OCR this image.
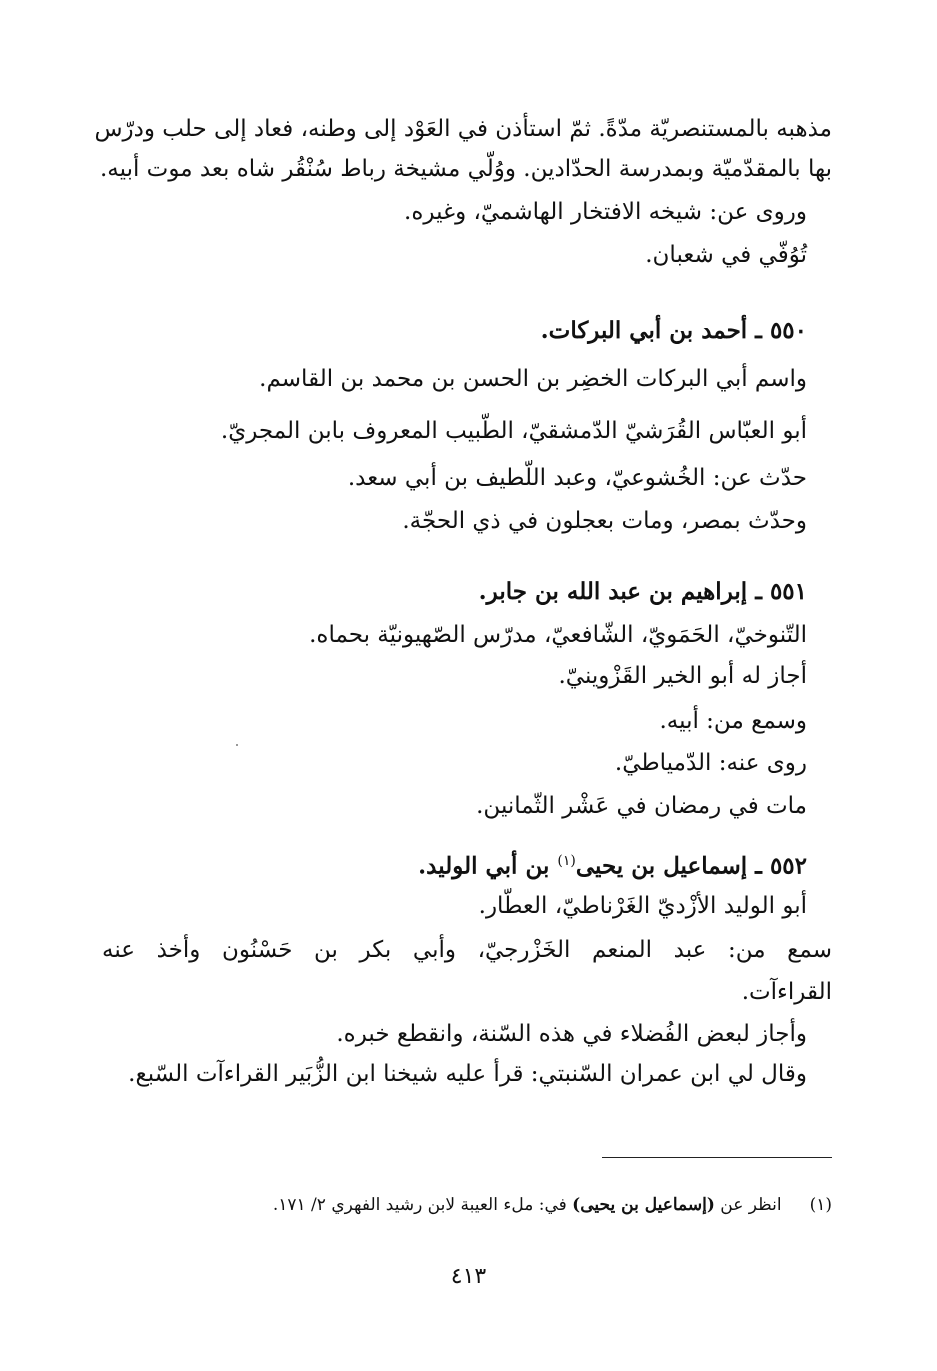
مذهبه بالمستنصريّة مدّةً. ثمّ استأذن في العَوْد إلى وطنه، فعاد إلى حلب ودرّس
بها بالمقدّميّة وبمدرسة الحدّادين. ووُلّي مشيخة رباط سُنْقُر شاه بعد موت أبيه.
وروى عن: شيخه الافتخار الهاشميّ، وغيره.
تُوُفّي في شعبان.
٥٥٠ ـ أحمد بن أبي البركات.
واسم أبي البركات الخضِر بن الحسن بن محمد بن القاسم.
أبو العبّاس القُرَشيّ الدّمشقيّ، الطّبيب المعروف بابن المجريّ.
حدّث عن: الخُشوعيّ، وعبد اللّطيف بن أبي سعد.
وحدّث بمصر، ومات بعجلون في ذي الحجّة.
٥٥١ ـ إبراهيم بن عبد الله بن جابر.
التّنوخيّ، الحَمَويّ، الشّافعيّ، مدرّس الصّهيونيّة بحماه.
أجاز له أبو الخير القَزْوينيّ.
وسمع من: أبيه.
روى عنه: الدّمياطيّ.
مات في رمضان في عَشْر الثّمانين.
٥٥٢ ـ إسماعيل بن يحيى$^{(١)}$ بن أبي الوليد.
أبو الوليد الأزْديّ الغَرْناطيّ، العطّار.
سمع من: عبد المنعم الخَزْرجيّ، وأبي بكر بن حَسْنُون وأخذ عنه
القراءآت.
وأجاز لبعض الفُضلاء في هذه السّنة، وانقطع خبره.
وقال لي ابن عمران السّنبتي: قرأ عليه شيخنا ابن الزُّبَير القراءآت السّبع.
(١)انظر عن (إسماعيل بن يحيى) في: ملء العيبة لابن رشيد الفهري ٢/ ١٧١.
٤١٣
